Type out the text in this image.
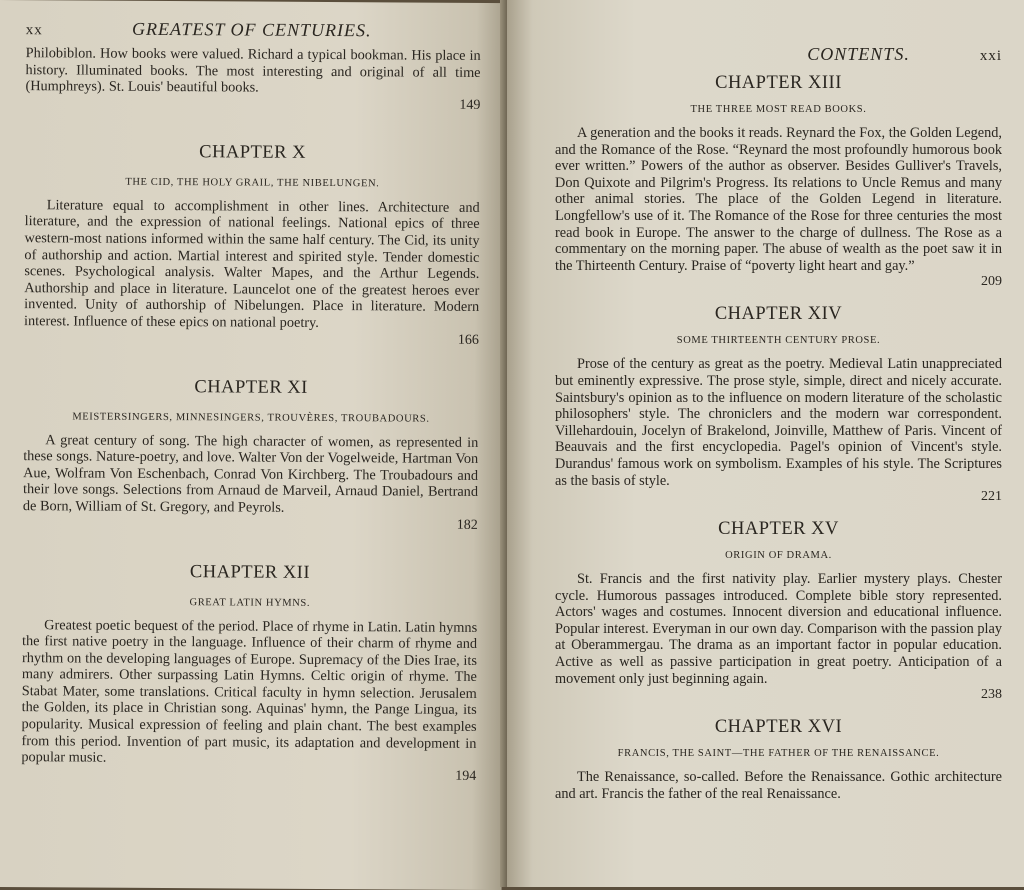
xx	GREATEST OF CENTURIES.

Philobiblon. How books were valued. Richard a typical bookman. His place in history. Illuminated books. The most interesting and original of all time (Humphreys). St. Louis' beautiful books.

149
CHAPTER X
THE CID, THE HOLY GRAIL, THE NIBELUNGEN.

Literature equal to accomplishment in other lines. Architecture and literature, and the expression of national feelings. National epics of three western-most nations informed within the same half century. The Cid, its unity of authorship and action. Martial interest and spirited style. Tender domestic scenes. Psychological analysis. Walter Mapes, and the Arthur Legends. Authorship and place in literature. Launcelot one of the greatest heroes ever invented. Unity of authorship of Nibelungen. Place in literature. Modern interest. Influence of these epics on national poetry.

166
CHAPTER XI
MEISTERSINGERS, MINNESINGERS, TROUVÈRES, TROUBADOURS.

A great century of song. The high character of women, as represented in these songs. Nature-poetry, and love. Walter Von der Vogelweide, Hartman Von Aue, Wolfram Von Eschenbach, Conrad Von Kirchberg. The Troubadours and their love songs. Selections from Arnaud de Marveil, Arnaud Daniel, Bertrand de Born, William of St. Gregory, and Peyrols.

182
CHAPTER XII
GREAT LATIN HYMNS.

Greatest poetic bequest of the period. Place of rhyme in Latin. Latin hymns the first native poetry in the language. Influence of their charm of rhyme and rhythm on the developing languages of Europe. Supremacy of the Dies Irae, its many admirers. Other surpassing Latin Hymns. Celtic origin of rhyme. The Stabat Mater, some translations. Critical faculty in hymn selection. Jerusalem the Golden, its place in Christian song. Aquinas' hymn, the Pange Lingua, its popularity. Musical expression of feeling and plain chant. The best examples from this period. Invention of part music, its adaptation and development in popular music.

194
CONTENTS.	xxi
CHAPTER XIII
THE THREE MOST READ BOOKS.

A generation and the books it reads. Reynard the Fox, the Golden Legend, and the Romance of the Rose. “Reynard the most profoundly humorous book ever written.” Powers of the author as observer. Besides Gulliver's Travels, Don Quixote and Pilgrim's Progress. Its relations to Uncle Remus and many other animal stories. The place of the Golden Legend in literature. Longfellow's use of it. The Romance of the Rose for three centuries the most read book in Europe. The answer to the charge of dullness. The Rose as a commentary on the morning paper. The abuse of wealth as the poet saw it in the Thirteenth Century. Praise of “poverty light heart and gay.”

209
CHAPTER XIV
SOME THIRTEENTH CENTURY PROSE.

Prose of the century as great as the poetry. Medieval Latin unappreciated but eminently expressive. The prose style, simple, direct and nicely accurate. Saintsbury's opinion as to the influence on modern literature of the scholastic philosophers' style. The chroniclers and the modern war correspondent. Villehardouin, Jocelyn of Brakelond, Joinville, Matthew of Paris. Vincent of Beauvais and the first encyclopedia. Pagel's opinion of Vincent's style. Durandus' famous work on symbolism. Examples of his style. The Scriptures as the basis of style.

221
CHAPTER XV
ORIGIN OF DRAMA.

St. Francis and the first nativity play. Earlier mystery plays. Chester cycle. Humorous passages introduced. Complete bible story represented. Actors' wages and costumes. Innocent diversion and educational influence. Popular interest. Everyman in our own day. Comparison with the passion play at Oberammergau. The drama as an important factor in popular education. Active as well as passive participation in great poetry. Anticipation of a movement only just beginning again.

238
CHAPTER XVI
FRANCIS, THE SAINT—THE FATHER OF THE RENAISSANCE.

The Renaissance, so-called. Before the Renaissance. Gothic architecture and art. Francis the father of the real Renaissance.
